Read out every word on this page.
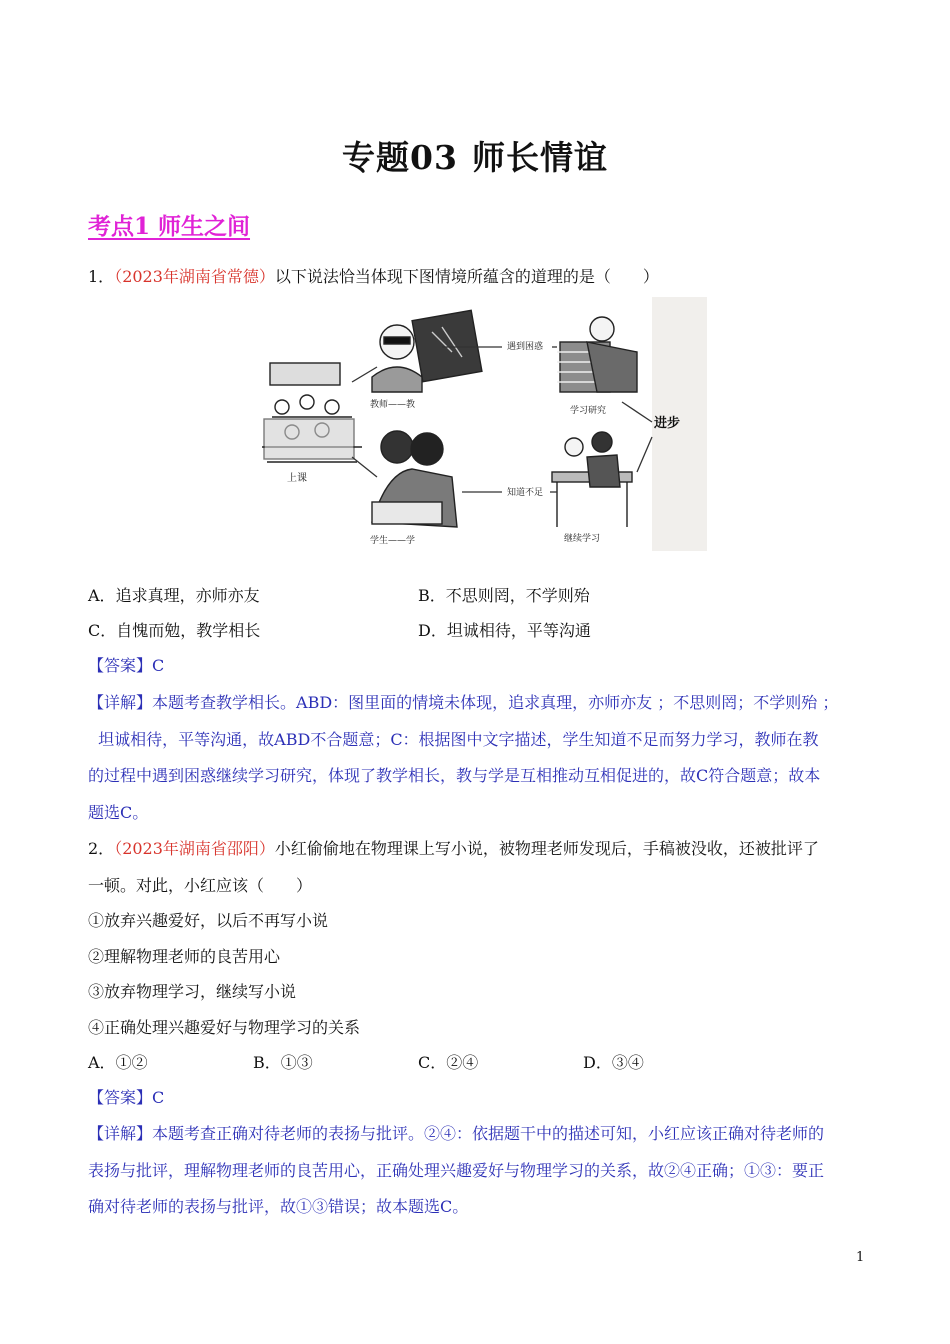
专题03 师长情谊
考点1 师生之间
1．（2023年湖南省常德）以下说法恰当体现下图情境所蕴含的道理的是（　　）
上课
教师——教
遇到困惑
学习研究
学生——学
知道不足
继续学习
进步
A．追求真理，亦师亦友	B．不思则罔，不学则殆
C．自愧而勉，教学相长	D．坦诚相待，平等沟通
【答案】C
【详解】本题考查教学相长。ABD：图里面的情境未体现，追求真理，亦师亦友 ；不思则罔；不学则殆 ；
坦诚相待，平等沟通，故ABD不合题意；C：根据图中文字描述，学生知道不足而努力学习，教师在教
的过程中遇到困惑继续学习研究，体现了教学相长，教与学是互相推动互相促进的，故C符合题意；故本
题选C。
2．（2023年湖南省邵阳）小红偷偷地在物理课上写小说，被物理老师发现后，手稿被没收，还被批评了
一顿。对此，小红应该（　　）
①放弃兴趣爱好，以后不再写小说
②理解物理老师的良苦用心
③放弃物理学习，继续写小说
④正确处理兴趣爱好与物理学习的关系
A．①②	B．①③	C．②④	D．③④
【答案】C
【详解】本题考查正确对待老师的表扬与批评。②④：依据题干中的描述可知，小红应该正确对待老师的
表扬与批评，理解物理老师的良苦用心，正确处理兴趣爱好与物理学习的关系，故②④正确；①③：要正
确对待老师的表扬与批评，故①③错误；故本题选C。
1
